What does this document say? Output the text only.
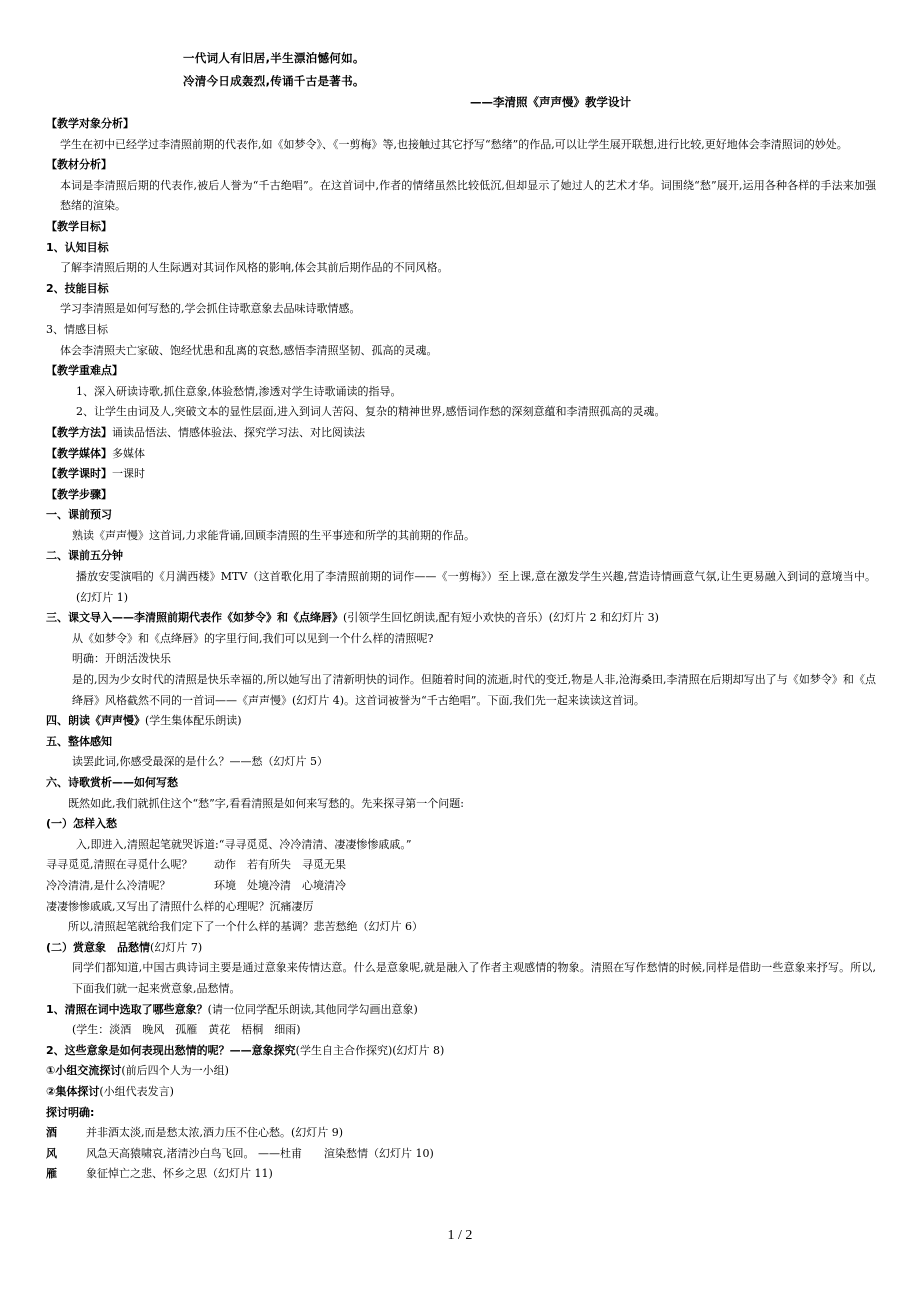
一代词人有旧居,半生漂泊憾何如。
冷清今日成轰烈,传诵千古是著书。
——李清照《声声慢》教学设计
【教学对象分析】
学生在初中已经学过李清照前期的代表作,如《如梦令》、《一剪梅》等,也接触过其它抒写“愁绪”的作品,可以让学生展开联想,进行比较,更好地体会李清照词的妙处。
【教材分析】
本词是李清照后期的代表作,被后人誉为“千古绝唱”。在这首词中,作者的情绪虽然比较低沉,但却显示了她过人的艺术才华。词围绕“愁”展开,运用各种各样的手法来加强愁绪的渲染。
【教学目标】
1、认知目标
了解李清照后期的人生际遇对其词作风格的影响,体会其前后期作品的不同风格。
2、技能目标
学习李清照是如何写愁的,学会抓住诗歌意象去品味诗歌情感。
3、情感目标
体会李清照夫亡家破、饱经忧患和乱离的哀愁,感悟李清照坚韧、孤高的灵魂。
【教学重难点】
1、深入研读诗歌,抓住意象,体验愁情,渗透对学生诗歌诵读的指导。
2、让学生由词及人,突破文本的显性层面,进入到词人苦闷、复杂的精神世界,感悟词作愁的深刻意蕴和李清照孤高的灵魂。
【教学方法】诵读品悟法、情感体验法、探究学习法、对比阅读法
【教学媒体】多媒体
【教学课时】一课时
【教学步骤】
一、课前预习
熟读《声声慢》这首词,力求能背诵,回顾李清照的生平事迹和所学的其前期的作品。
二、课前五分钟
播放安雯演唱的《月满西楼》MTV（这首歌化用了李清照前期的词作——《一剪梅》）至上课,意在激发学生兴趣,营造诗情画意气氛,让生更易融入到词的意境当中。(幻灯片 1)
三、课文导入——李清照前期代表作《如梦令》和《点绛唇》(引领学生回忆朗读,配有短小欢快的音乐）(幻灯片 2 和幻灯片 3)
从《如梦令》和《点绛唇》的字里行间,我们可以见到一个什么样的清照呢?
明确：开朗活泼快乐
是的,因为少女时代的清照是快乐幸福的,所以她写出了清新明快的词作。但随着时间的流逝,时代的变迁,物是人非,沧海桑田,李清照在后期却写出了与《如梦令》和《点绛唇》风格截然不同的一首词——《声声慢》(幻灯片 4)。这首词被誉为“千古绝唱”。下面,我们先一起来读读这首词。
四、朗读《声声慢》(学生集体配乐朗读)
五、整体感知
读罢此词,你感受最深的是什么？——愁（幻灯片 5）
六、诗歌赏析——如何写愁
既然如此,我们就抓住这个“愁”字,看看清照是如何来写愁的。先来探寻第一个问题:
(一）怎样入愁
入,即进入,清照起笔就哭诉道:“寻寻觅觅、冷冷清清、凄凄惨惨戚戚。”
寻寻觅觅,清照在寻觅什么呢？ 动作　若有所失　寻觅无果
冷冷清清,是什么冷清呢？	环境　处境冷清　心境清冷
凄凄惨惨戚戚,又写出了清照什么样的心理呢？沉痛凄厉
所以,清照起笔就给我们定下了一个什么样的基调？悲苦愁绝（幻灯片 6）
(二）赏意象　品愁情(幻灯片 7)
同学们都知道,中国古典诗词主要是通过意象来传情达意。什么是意象呢,就是融入了作者主观感情的物象。清照在写作愁情的时候,同样是借助一些意象来抒写。所以,下面我们就一起来赏意象,品愁情。
1、清照在词中选取了哪些意象？(请一位同学配乐朗读,其他同学勾画出意象)
(学生：淡酒　晚风　孤雁　黄花　梧桐　细雨)
2、这些意象是如何表现出愁情的呢？——意象探究(学生自主合作探究)(幻灯片 8)
①小组交流探讨(前后四个人为一小组)
②集体探讨(小组代表发言)
探讨明确:
酒	并非酒太淡,而是愁太浓,酒力压不住心愁。(幻灯片 9)
风	风急天高猿啸哀,渚清沙白鸟飞回。 ——杜甫　　渲染愁情（幻灯片 10)
雁	象征悼亡之悲、怀乡之思（幻灯片 11)
1 / 2
